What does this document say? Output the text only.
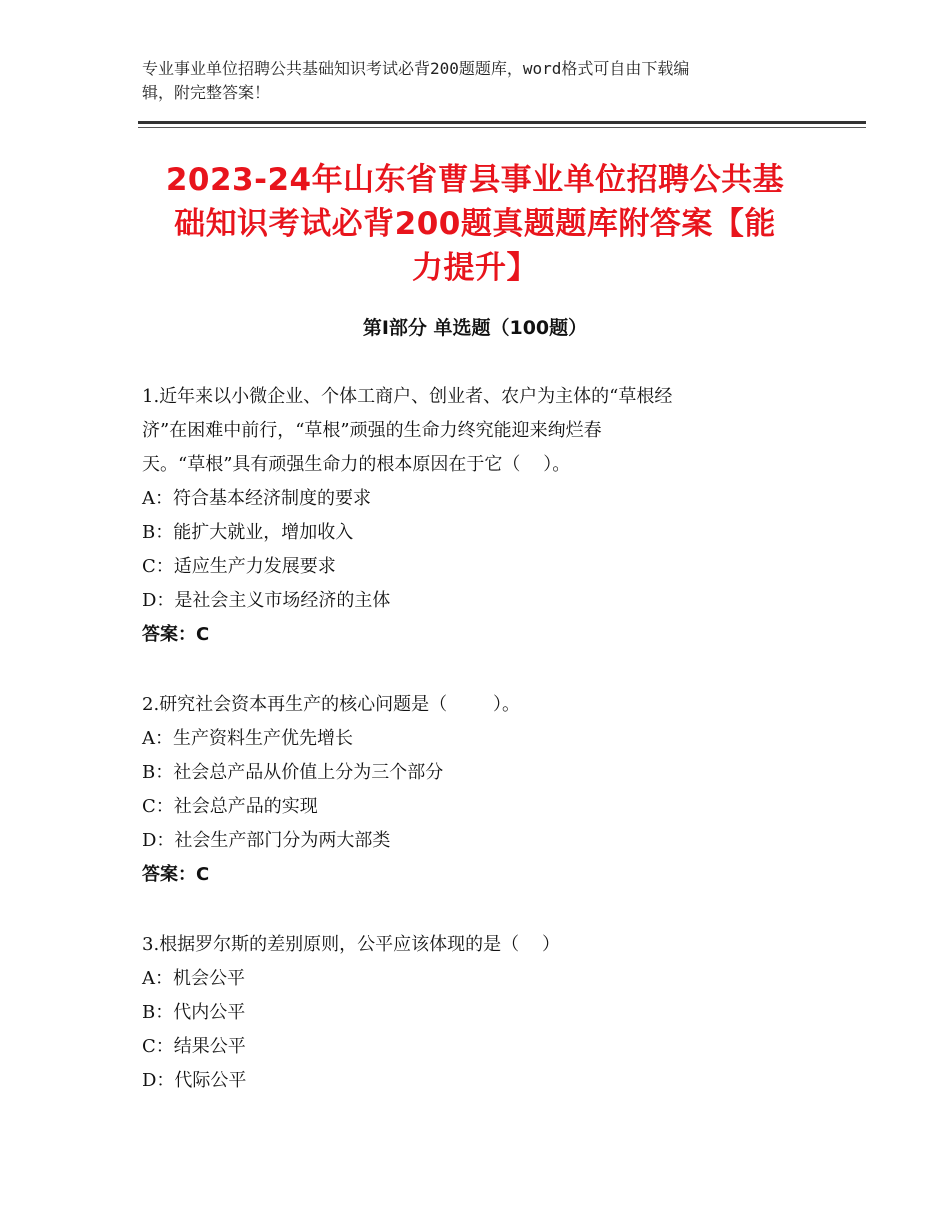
专业事业单位招聘公共基础知识考试必背200题题库，word格式可自由下载编
辑，附完整答案！
2023-24年山东省曹县事业单位招聘公共基
础知识考试必背200题真题题库附答案【能
力提升】
第Ⅰ部分 单选题（100题）
1.近年来以小微企业、个体工商户、创业者、农户为主体的“草根经
济”在困难中前行，“草根”顽强的生命力终究能迎来绚烂春
天。“草根”具有顽强生命力的根本原因在于它（    ）。
A：符合基本经济制度的要求
B：能扩大就业，增加收入
C：适应生产力发展要求
D：是社会主义市场经济的主体
答案：C
2.研究社会资本再生产的核心问题是（        ）。
A：生产资料生产优先增长
B：社会总产品从价值上分为三个部分
C：社会总产品的实现
D：社会生产部门分为两大部类
答案：C
3.根据罗尔斯的差别原则，公平应该体现的是（    ）
A：机会公平
B：代内公平
C：结果公平
D：代际公平
